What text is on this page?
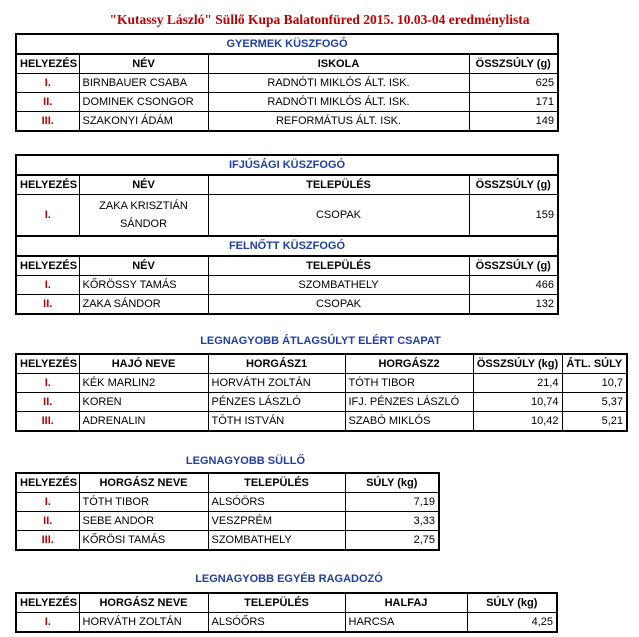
"Kutassy László" Süllő Kupa Balatonfüred 2015. 10.03-04 eredménylista
GYERMEK KÜSZFOGÓ			
HELYEZÉS	NÉV	ISKOLA	ÖSSZSÚLY (g)
I.	BIRNBAUER CSABA	RADNÓTI MIKLÓS ÁLT. ISK.	625
II.	DOMINEK CSONGOR	RADNÓTI MIKLÓS ÁLT. ISK.	171
III.	SZAKONYI ÁDÁM	REFORMÁTUS ÁLT. ISK.	149
IFJÚSÁGI KÜSZFOGÓ			
HELYEZÉS	NÉV	TELEPÜLÉS	ÖSSZSÚLY (g)
I.	ZAKA KRISZTIÁN SÁNDOR	CSOPAK	159
FELNŐTT KÜSZFOGÓ			
HELYEZÉS	NÉV	TELEPÜLÉS	ÖSSZSÚLY (g)
I.	KŐRÖSSY TAMÁS	SZOMBATHELY	466
II.	ZAKA SÁNDOR	CSOPAK	132
LEGNAGYOBB ÁTLAGSÚLYT ELÉRT CSAPAT
HELYEZÉS	HAJÓ NEVE	HORGÁSZ1	HORGÁSZ2	ÖSSZSÚLY (kg)	ÁTL. SÚLY
I.	KÉK MARLIN2	HORVÁTH ZOLTÁN	TÓTH TIBOR	21,4	10,7
II.	KOREN	PÉNZES LÁSZLÓ	IFJ. PÉNZES LÁSZLÓ	10,74	5,37
III.	ADRENALIN	TÓTH ISTVÁN	SZABÓ MIKLÓS	10,42	5,21
LEGNAGYOBB SÜLLŐ
HELYEZÉS	HORGÁSZ NEVE	TELEPÜLÉS	SÚLY (kg)
I.	TÓTH TIBOR	ALSÓÖRS	7,19
II.	SEBE ANDOR	VESZPRÉM	3,33
III.	KŐRÖSI TAMÁS	SZOMBATHELY	2,75
LEGNAGYOBB EGYÉB RAGADOZÓ
HELYEZÉS	HORGÁSZ NEVE	TELEPÜLÉS	HALFAJ	SÚLY (kg)
I.	HORVÁTH ZOLTÁN	ALSÓŐRS	HARCSA	4,25
